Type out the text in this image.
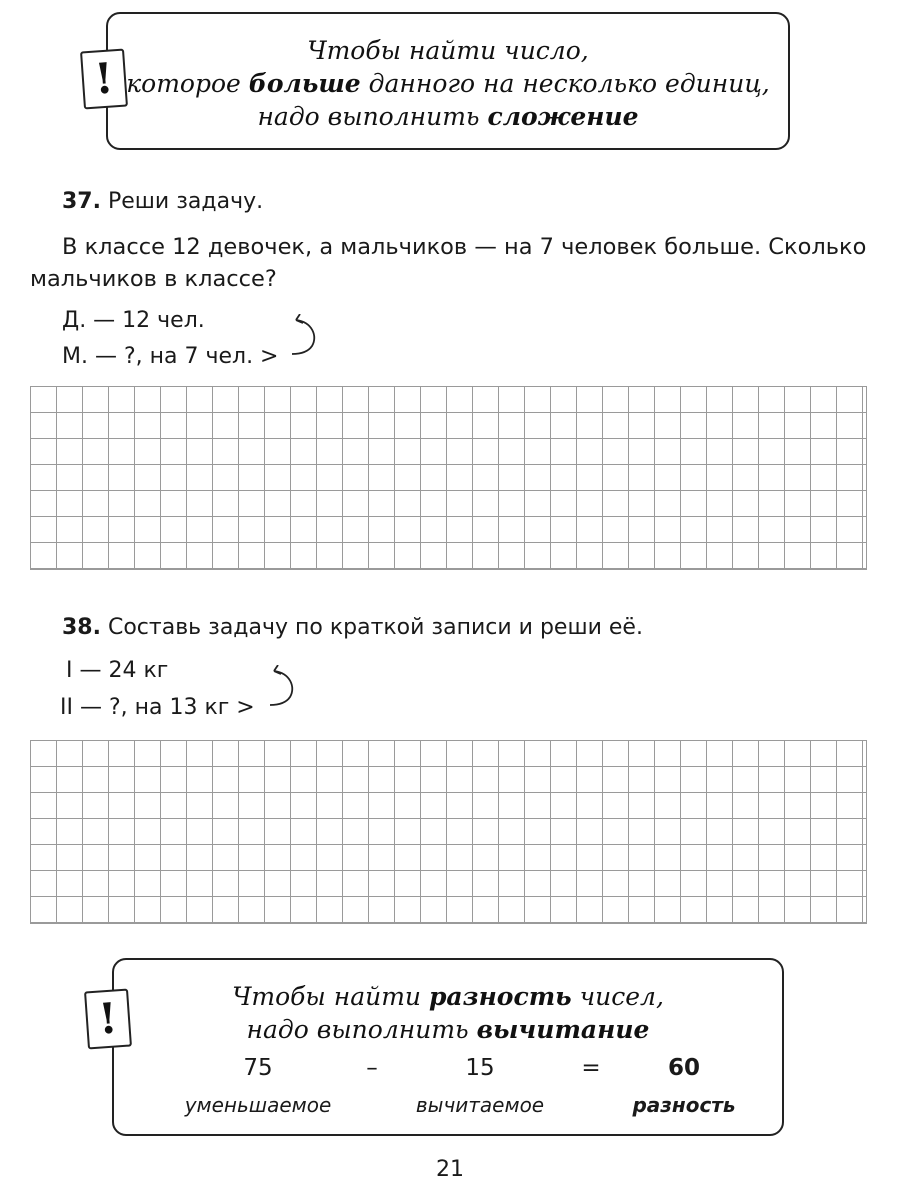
Чтобы найти число,
которое больше данного на несколько единиц,
надо выполнить сложение
!
37. Реши задачу.
В классе 12 девочек, а мальчиков — на 7 человек больше. Сколько
мальчиков в классе?
Д. — 12 чел.
М. — ?, на 7 чел. >
38. Составь задачу по краткой записи и реши её.
I — 24 кг
II — ?, на 13 кг >
Чтобы найти разность чисел,
надо выполнить вычитание
!
75	–	15	=	60
уменьшаемое	вычитаемое	разность
21
